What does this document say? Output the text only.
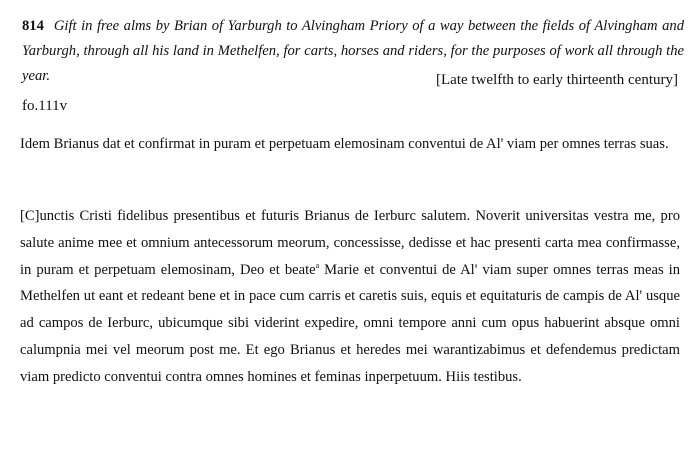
814 Gift in free alms by Brian of Yarburgh to Alvingham Priory of a way between the fields of Alvingham and Yarburgh, through all his land in Methelfen, for carts, horses and riders, for the purposes of work all through the year.	[Late twelfth to early thirteenth century]
fo.111v
Idem Brianus dat et confirmat in puram et perpetuam elemosinam conventui de Al' viam per omnes terras suas.
[C]unctis Cristi fidelibus presentibus et futuris Brianus de Ierburc salutem. Noverit universitas vestra me, pro salute anime mee et omnium antecessorum meorum, concessisse, dedisse et hac presenti carta mea confirmasse, in puram et perpetuam elemosinam, Deo et beate$^a$ Marie et conventui de Al' viam super omnes terras meas in Methelfen ut eant et redeant bene et in pace cum carris et caretis suis, equis et equitaturis de campis de Al' usque ad campos de Ierburc, ubicumque sibi viderint expedire, omni tempore anni cum opus habuerint absque omni calumpnia mei vel meorum post me. Et ego Brianus et heredes mei warantizabimus et defendemus predictam viam predicto conventui contra omnes homines et feminas inperpetuum. Hiis testibus.
